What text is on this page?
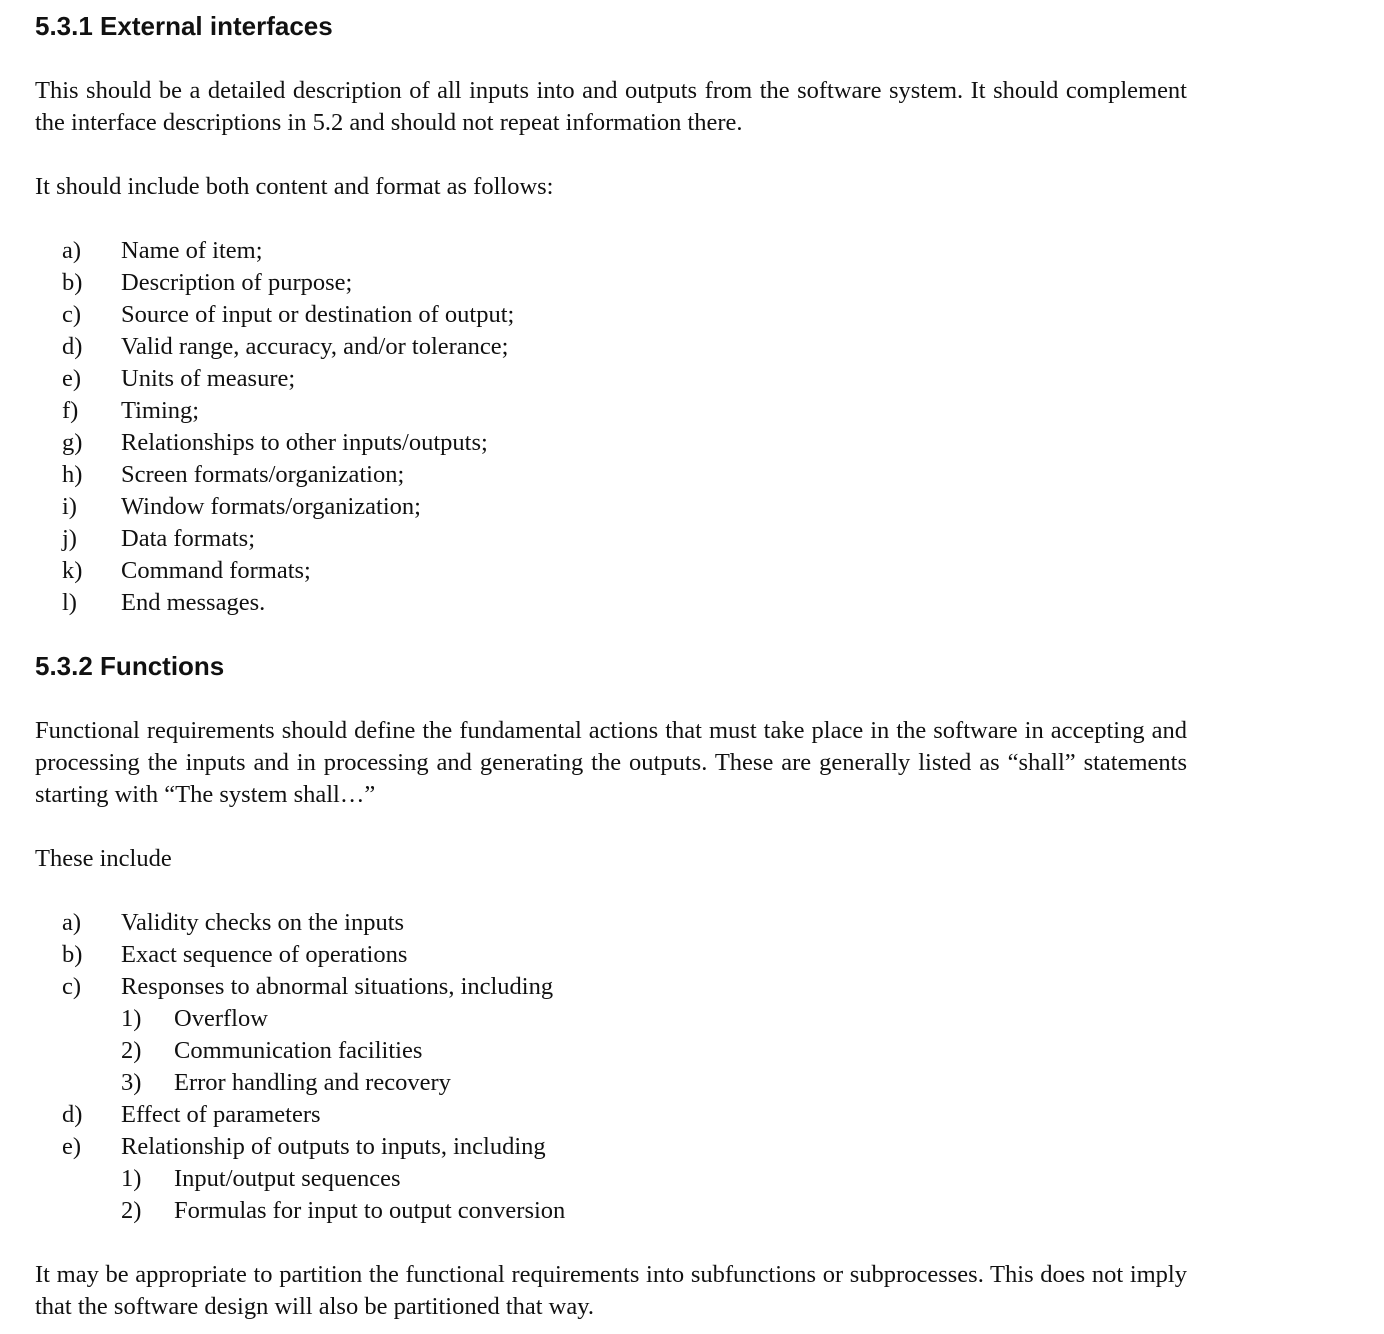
5.3.1 External interfaces

This should be a detailed description of all inputs into and outputs from the software system. It should complement the interface descriptions in 5.2 and should not repeat information there.

It should include both content and format as follows:

a) Name of item;
b) Description of purpose;
c) Source of input or destination of output;
d) Valid range, accuracy, and/or tolerance;
e) Units of measure;
f) Timing;
g) Relationships to other inputs/outputs;
h) Screen formats/organization;
i) Window formats/organization;
j) Data formats;
k) Command formats;
l) End messages.
5.3.2 Functions

Functional requirements should define the fundamental actions that must take place in the software in accepting and processing the inputs and in processing and generating the outputs. These are generally listed as “shall” statements starting with “The system shall…”

These include

a) Validity checks on the inputs
b) Exact sequence of operations
c) Responses to abnormal situations, including
1) Overflow
2) Communication facilities
3) Error handling and recovery
d) Effect of parameters
e) Relationship of outputs to inputs, including
1) Input/output sequences
2) Formulas for input to output conversion

It may be appropriate to partition the functional requirements into subfunctions or subprocesses. This does not imply that the software design will also be partitioned that way.
